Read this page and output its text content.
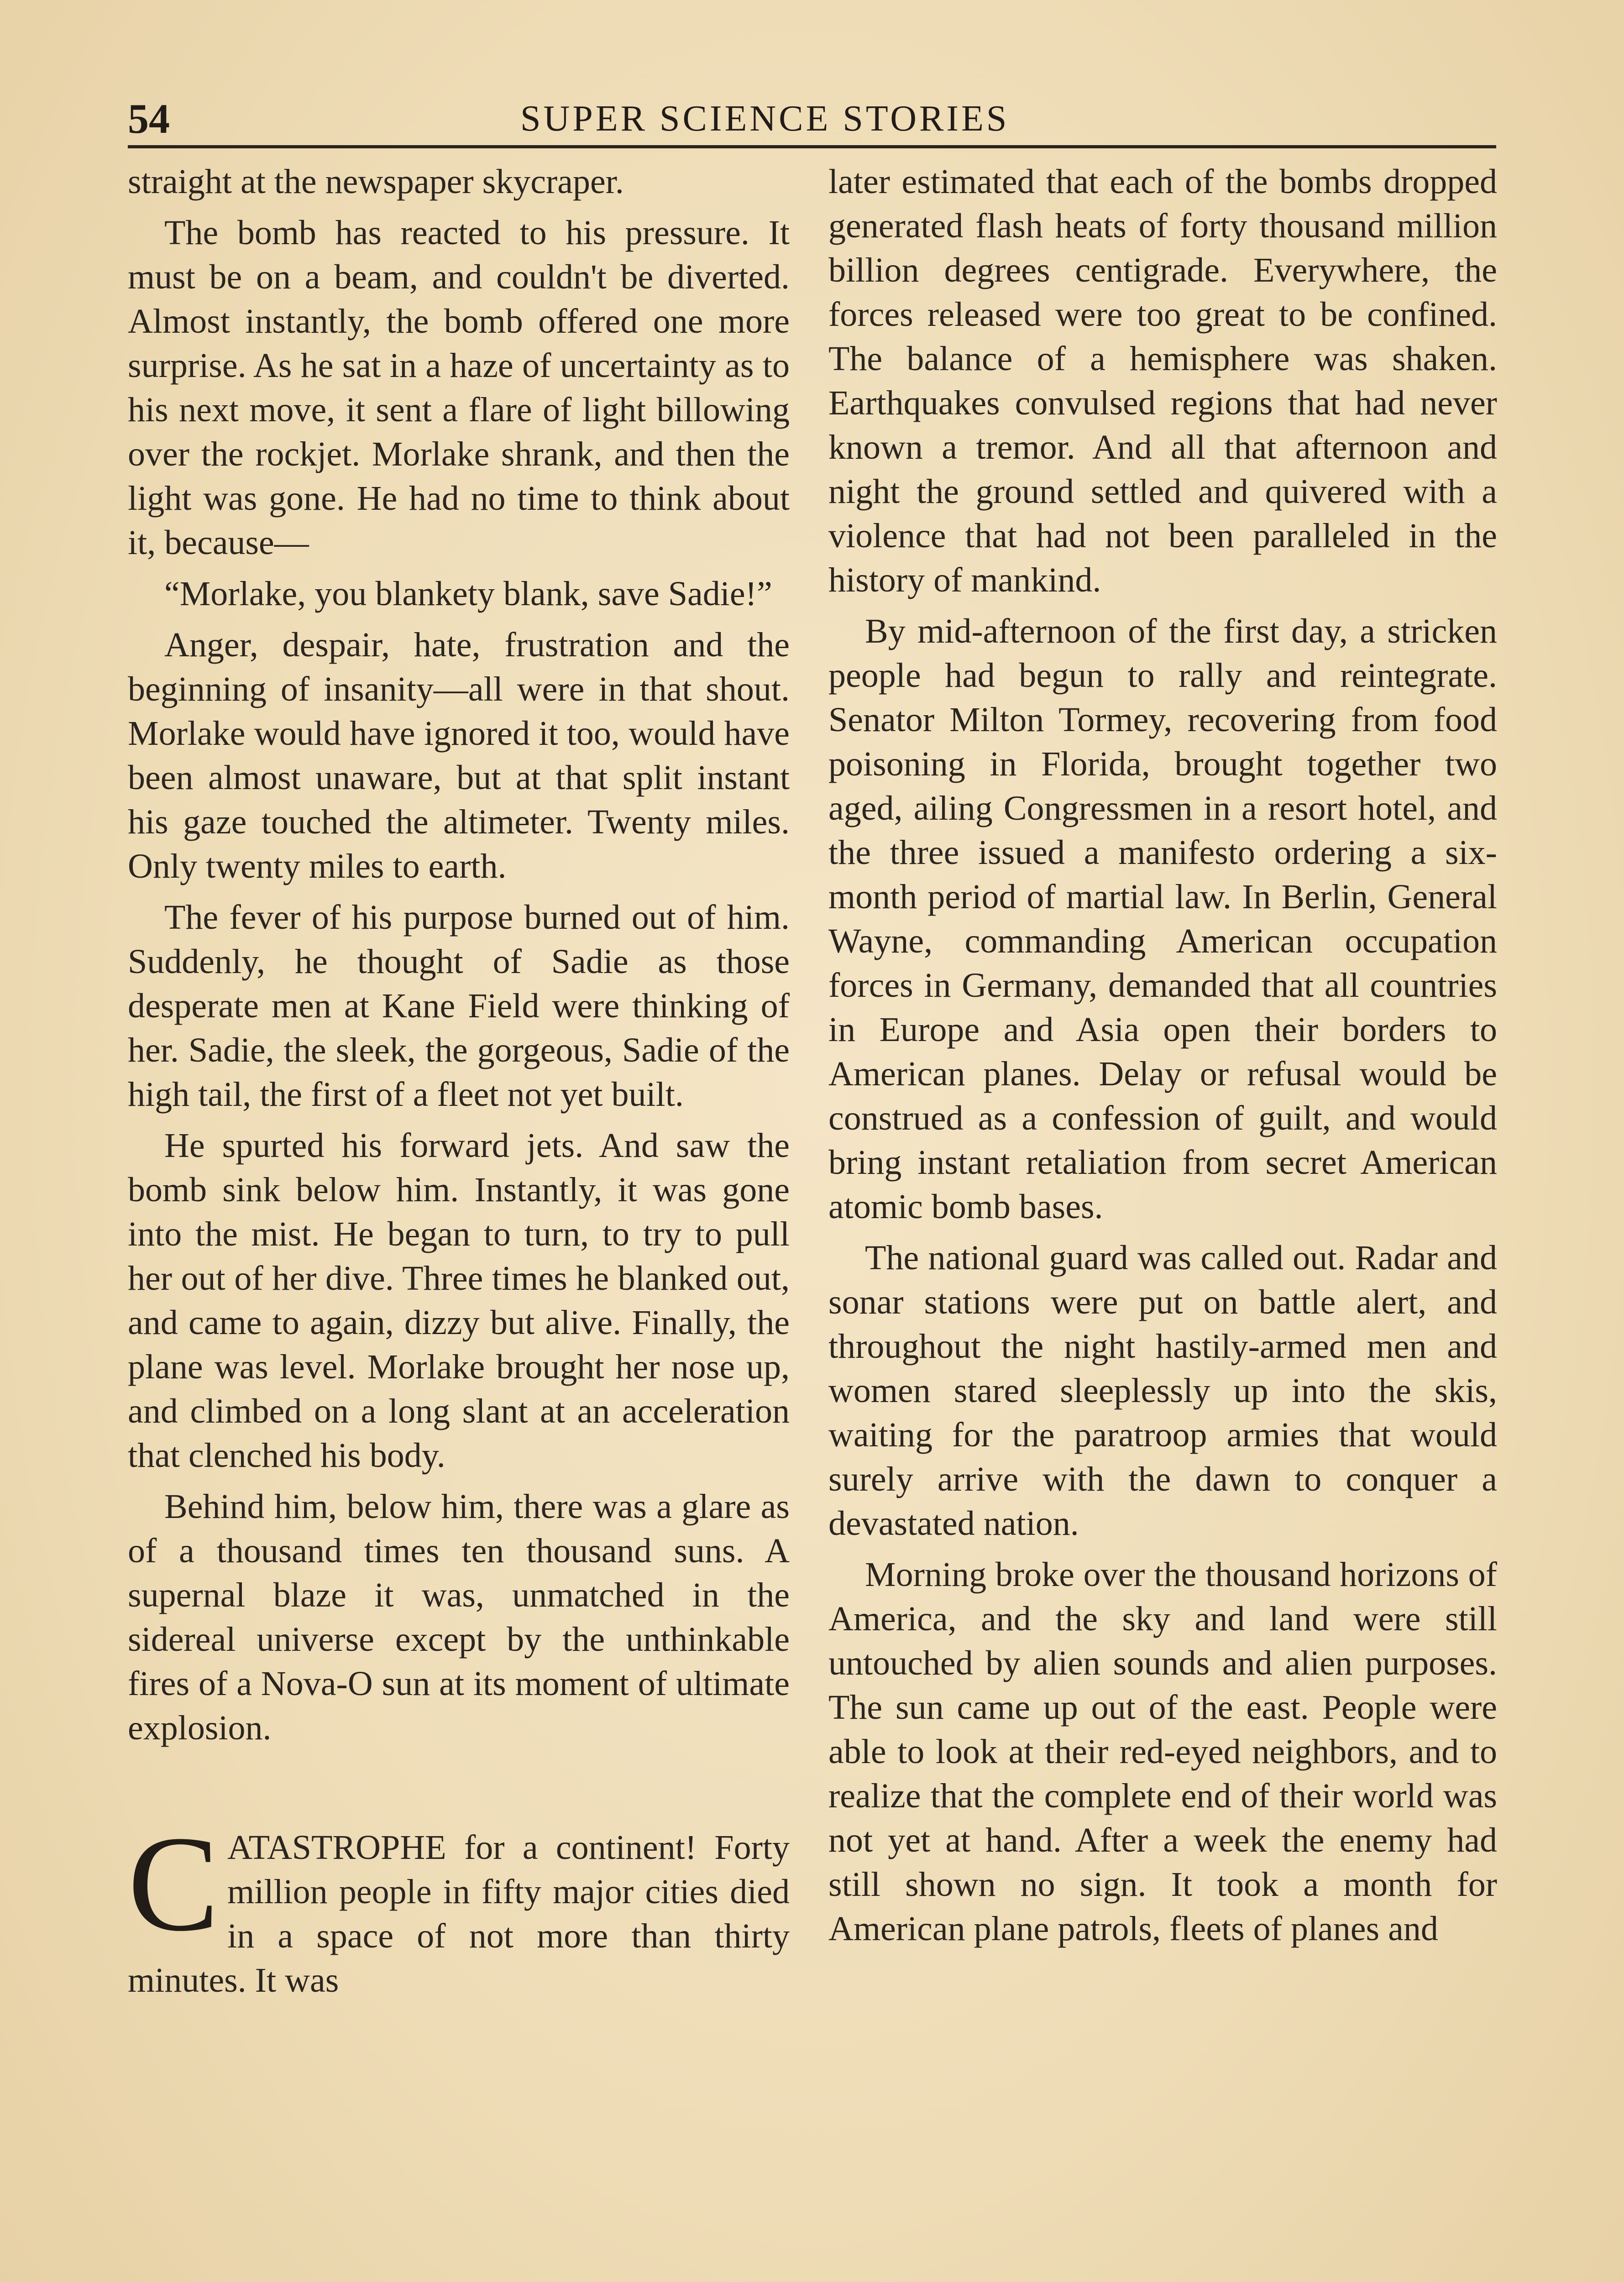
54	SUPER SCIENCE STORIES

straight at the newspaper skycraper.

The bomb has reacted to his pressure. It must be on a beam, and couldn't be diverted. Almost instantly, the bomb offered one more surprise. As he sat in a haze of uncertainty as to his next move, it sent a flare of light billowing over the rockjet. Morlake shrank, and then the light was gone. He had no time to think about it, because—

“Morlake, you blankety blank, save Sadie!”

Anger, despair, hate, frustration and the beginning of insanity—all were in that shout. Morlake would have ignored it too, would have been almost unaware, but at that split instant his gaze touched the altimeter. Twenty miles. Only twenty miles to earth.

The fever of his purpose burned out of him. Suddenly, he thought of Sadie as those desperate men at Kane Field were thinking of her. Sadie, the sleek, the gorgeous, Sadie of the high tail, the first of a fleet not yet built.

He spurted his forward jets. And saw the bomb sink below him. Instantly, it was gone into the mist. He began to turn, to try to pull her out of her dive. Three times he blanked out, and came to again, dizzy but alive. Finally, the plane was level. Morlake brought her nose up, and climbed on a long slant at an acceleration that clenched his body.

Behind him, below him, there was a glare as of a thousand times ten thousand suns. A supernal blaze it was, unmatched in the sidereal universe except by the unthinkable fires of a Nova-O sun at its moment of ultimate explosion.

CATASTROPHE for a continent! Forty million people in fifty major cities died in a space of not more than thirty minutes. It was

later estimated that each of the bombs dropped generated flash heats of forty thousand million billion degrees centigrade. Everywhere, the forces released were too great to be confined. The balance of a hemisphere was shaken. Earthquakes convulsed regions that had never known a tremor. And all that afternoon and night the ground settled and quivered with a violence that had not been paralleled in the history of mankind.

By mid-afternoon of the first day, a stricken people had begun to rally and reintegrate. Senator Milton Tormey, recovering from food poisoning in Florida, brought together two aged, ailing Congressmen in a resort hotel, and the three issued a manifesto ordering a six-month period of martial law. In Berlin, General Wayne, commanding American occupation forces in Germany, demanded that all countries in Europe and Asia open their borders to American planes. Delay or refusal would be construed as a confession of guilt, and would bring instant retaliation from secret American atomic bomb bases.

The national guard was called out. Radar and sonar stations were put on battle alert, and throughout the night hastily-armed men and women stared sleeplessly up into the skis, waiting for the paratroop armies that would surely arrive with the dawn to conquer a devastated nation.

Morning broke over the thousand horizons of America, and the sky and land were still untouched by alien sounds and alien purposes. The sun came up out of the east. People were able to look at their red-eyed neighbors, and to realize that the complete end of their world was not yet at hand. After a week the enemy had still shown no sign. It took a month for American plane patrols, fleets of planes and
